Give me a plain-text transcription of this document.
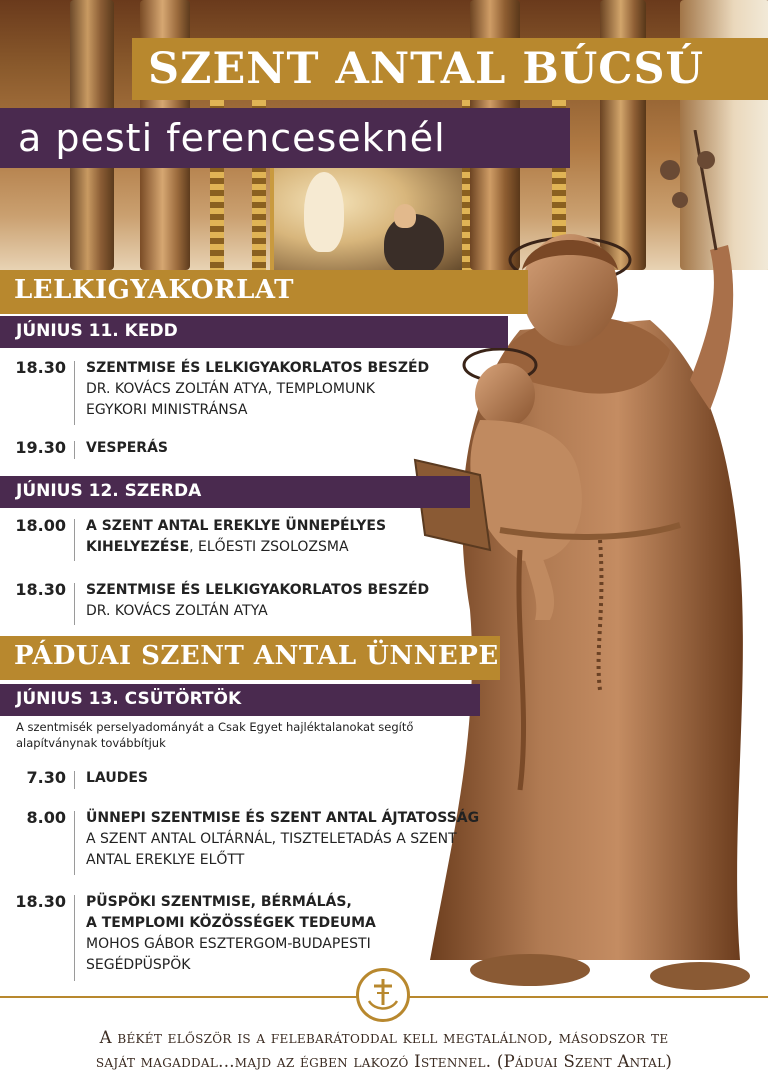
SZENT ANTAL BÚCSÚ
a pesti ferenceseknél
LELKIGYAKORLAT
JÚNIUS 11. KEDD
18.30 SZENTMISE ÉS LELKIGYAKORLATOS BESZÉD
DR. KOVÁCS ZOLTÁN ATYA, TEMPLOMUNK
EGYKORI MINISTRÁNSA
19.30 VESPERÁS
JÚNIUS 12. SZERDA
18.00 A SZENT ANTAL EREKLYE ÜNNEPÉLYES
KIHELYEZÉSE, ELŐESTI ZSOLOZSMA
18.30 SZENTMISE ÉS LELKIGYAKORLATOS BESZÉD
DR. KOVÁCS ZOLTÁN ATYA
PÁDUAI SZENT ANTAL ÜNNEPE
JÚNIUS 13. CSÜTÖRTÖK
A szentmisék perselyadományát a Csak Egyet hajléktalanokat segítő
alapítványnak továbbítjuk
7.30 LAUDES
8.00 ÜNNEPI SZENTMISE ÉS SZENT ANTAL ÁJTATOSSÁG
A SZENT ANTAL OLTÁRNÁL, TISZTELETADÁS A SZENT
ANTAL EREKLYE ELŐTT
18.30 PÜSPÖKI SZENTMISE, BÉRMÁLÁS,
A TEMPLOMI KÖZÖSSÉGEK TEDEUMA
MOHOS GÁBOR ESZTERGOM-BUDAPESTI
SEGÉDPÜSPÖK
A békét először is a felebarátoddal kell megtalálnod, másodszor te
saját magaddal...majd az égben lakozó Istennel. (Páduai Szent Antal)
